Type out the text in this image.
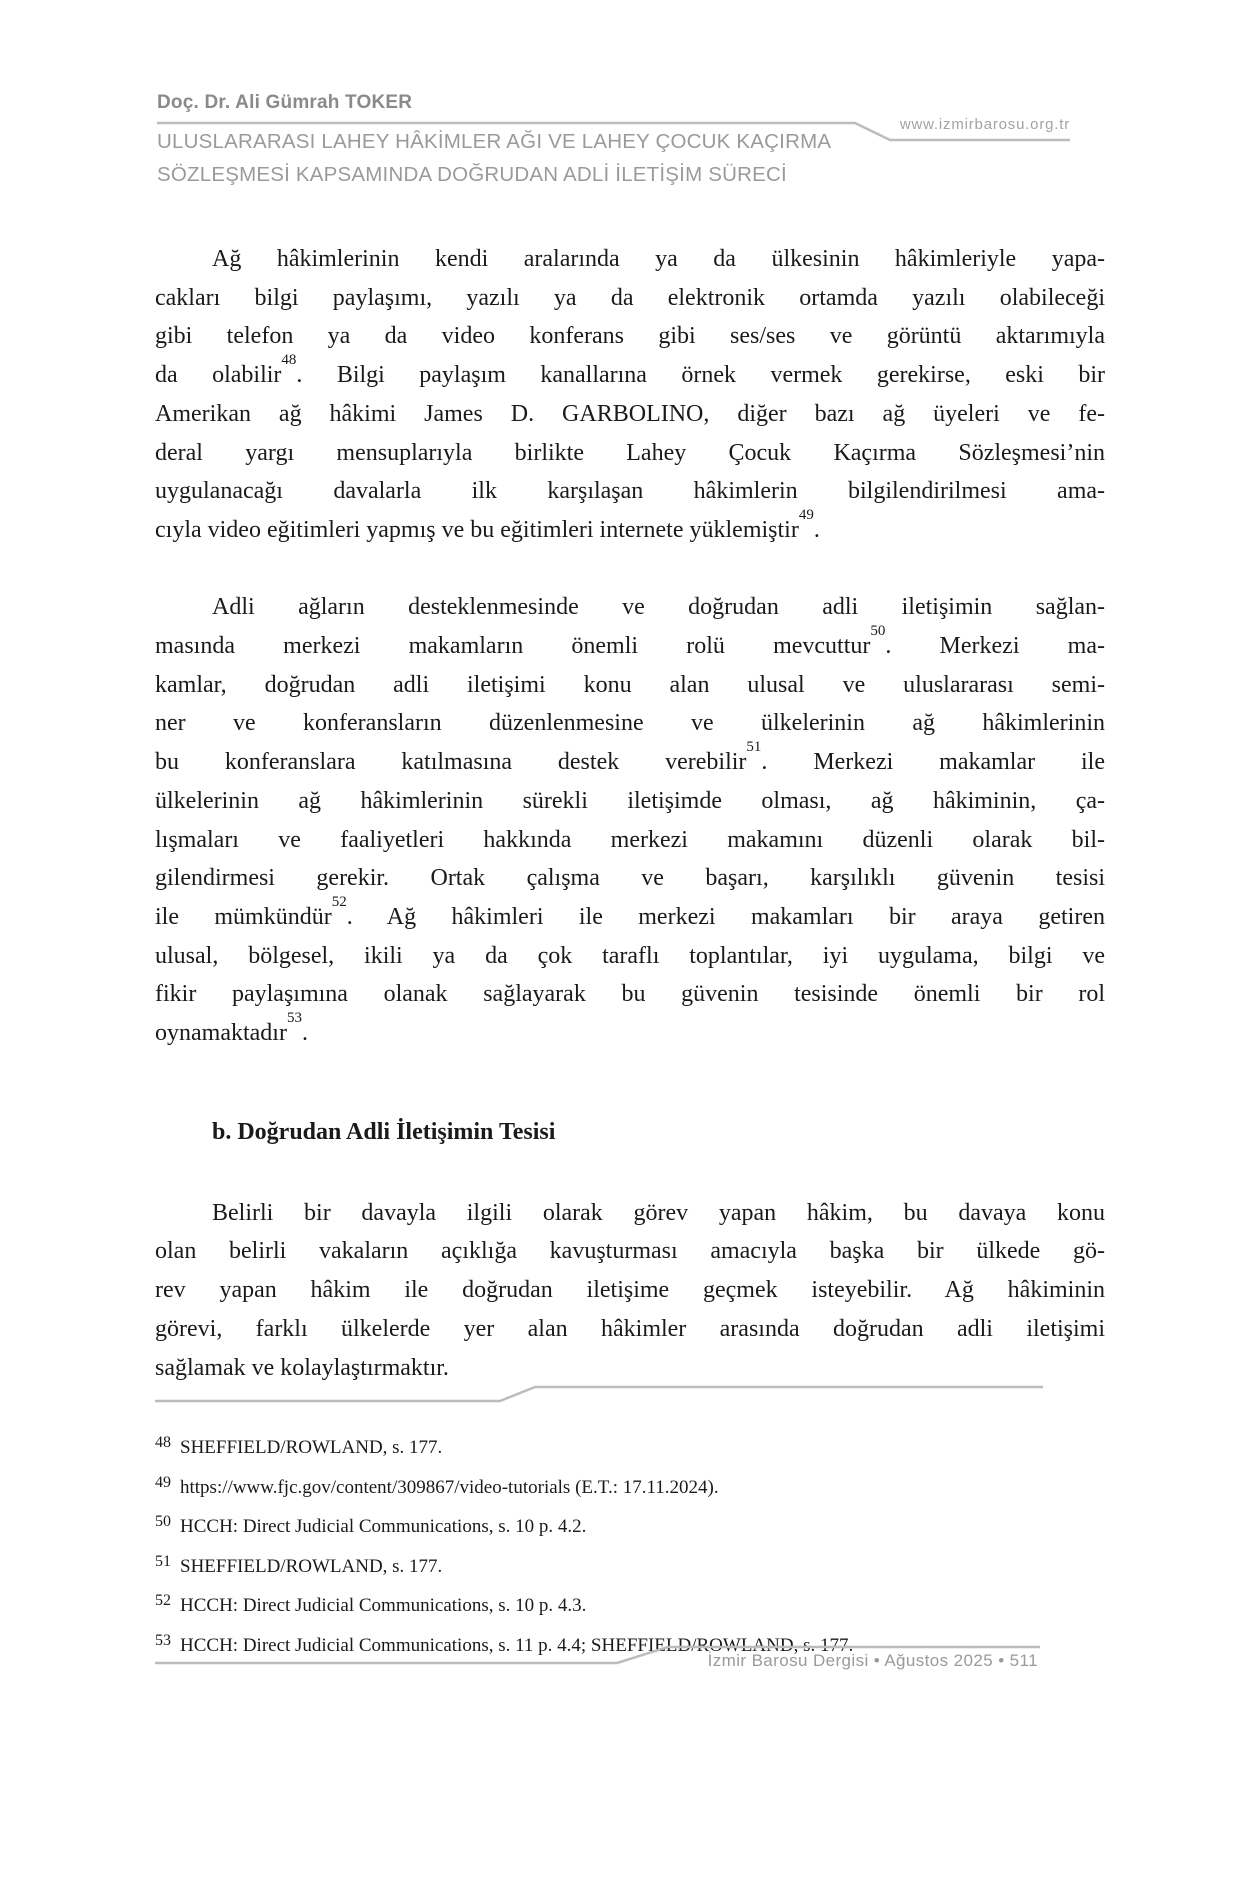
Doç. Dr. Ali Gümrah TOKER
www.izmirbarosu.org.tr
ULUSLARARASI LAHEY HÂKİMLER AĞI VE LAHEY ÇOCUK KAÇIRMA
SÖZLEŞMESİ KAPSAMINDA DOĞRUDAN ADLİ İLETİŞİM SÜRECİ
Ağ hâkimlerinin kendi aralarında ya da ülkesinin hâkimleriyle yapa-
cakları bilgi paylaşımı, yazılı ya da elektronik ortamda yazılı olabileceği
gibi telefon ya da video konferans gibi ses/ses ve görüntü aktarımıyla
da olabilir$^{48}$. Bilgi paylaşım kanallarına örnek vermek gerekirse, eski bir
Amerikan ağ hâkimi James D. GARBOLINO, diğer bazı ağ üyeleri ve fe-
deral yargı mensuplarıyla birlikte Lahey Çocuk Kaçırma Sözleşmesi’nin
uygulanacağı davalarla ilk karşılaşan hâkimlerin bilgilendirilmesi ama-
cıyla video eğitimleri yapmış ve bu eğitimleri internete yüklemiştir$^{49}$.
Adli ağların desteklenmesinde ve doğrudan adli iletişimin sağlan-
masında merkezi makamların önemli rolü mevcuttur$^{50}$. Merkezi ma-
kamlar, doğrudan adli iletişimi konu alan ulusal ve uluslararası semi-
ner ve konferansların düzenlenmesine ve ülkelerinin ağ hâkimlerinin
bu konferanslara katılmasına destek verebilir$^{51}$. Merkezi makamlar ile
ülkelerinin ağ hâkimlerinin sürekli iletişimde olması, ağ hâkiminin, ça-
lışmaları ve faaliyetleri hakkında merkezi makamını düzenli olarak bil-
gilendirmesi gerekir. Ortak çalışma ve başarı, karşılıklı güvenin tesisi
ile mümkündür$^{52}$. Ağ hâkimleri ile merkezi makamları bir araya getiren
ulusal, bölgesel, ikili ya da çok taraflı toplantılar, iyi uygulama, bilgi ve
fikir paylaşımına olanak sağlayarak bu güvenin tesisinde önemli bir rol
oynamaktadır$^{53}$.
b. Doğrudan Adli İletişimin Tesisi
Belirli bir davayla ilgili olarak görev yapan hâkim, bu davaya konu
olan belirli vakaların açıklığa kavuşturması amacıyla başka bir ülkede gö-
rev yapan hâkim ile doğrudan iletişime geçmek isteyebilir. Ağ hâkiminin
görevi, farklı ülkelerde yer alan hâkimler arasında doğrudan adli iletişimi
sağlamak ve kolaylaştırmaktır.
$^{48}$ SHEFFIELD/ROWLAND, s. 177.
$^{49}$ https://www.fjc.gov/content/309867/video-tutorials (E.T.: 17.11.2024).
$^{50}$ HCCH: Direct Judicial Communications, s. 10 p. 4.2.
$^{51}$ SHEFFIELD/ROWLAND, s. 177.
$^{52}$ HCCH: Direct Judicial Communications, s. 10 p. 4.3.
$^{53}$ HCCH: Direct Judicial Communications, s. 11 p. 4.4; SHEFFIELD/ROWLAND, s. 177.
İzmir Barosu Dergisi • Ağustos 2025 • 511
